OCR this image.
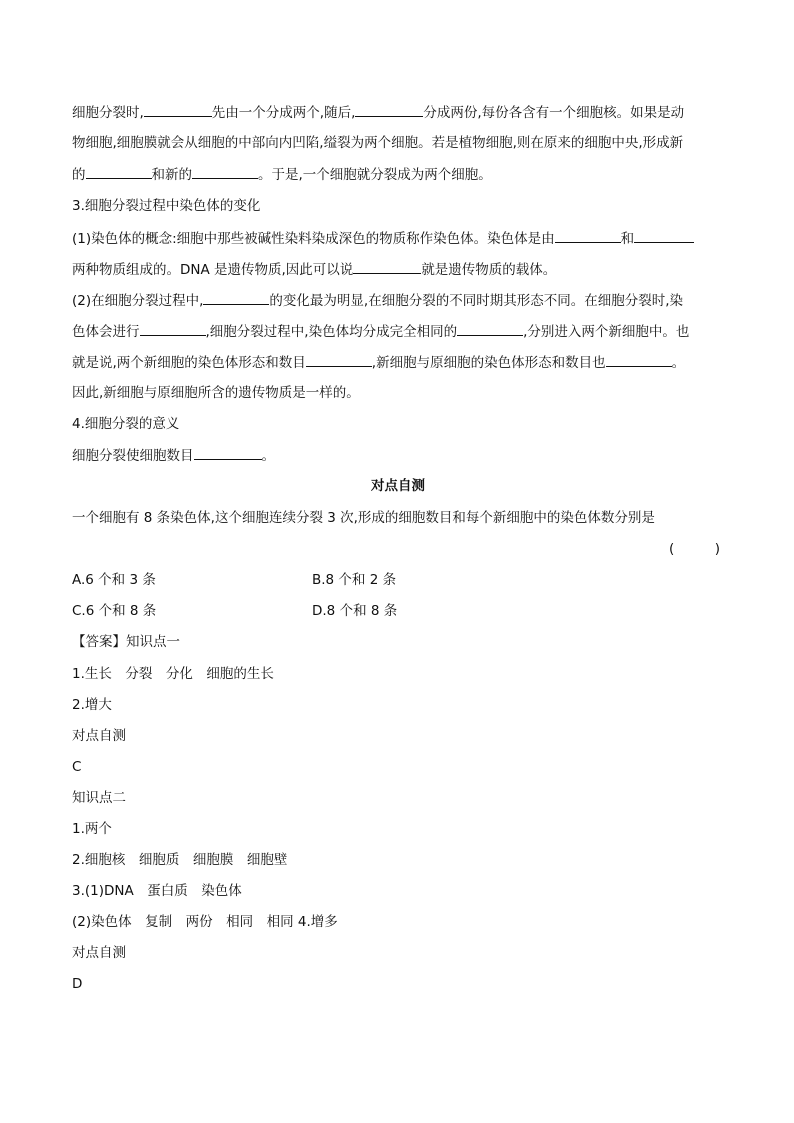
细胞分裂时,	先由一个分成两个,随后,	分成两份,每份各含有一个细胞核。如果是动
物细胞,细胞膜就会从细胞的中部向内凹陷,缢裂为两个细胞。若是植物细胞,则在原来的细胞中央,形成新
的	和新的	。于是,一个细胞就分裂成为两个细胞。
3.细胞分裂过程中染色体的变化
(1)染色体的概念:细胞中那些被碱性染料染成深色的物质称作染色体。染色体是由	和
两种物质组成的。DNA 是遗传物质,因此可以说	就是遗传物质的载体。
(2)在细胞分裂过程中,	的变化最为明显,在细胞分裂的不同时期其形态不同。在细胞分裂时,染
色体会进行	,细胞分裂过程中,染色体均分成完全相同的	,分别进入两个新细胞中。也
就是说,两个新细胞的染色体形态和数目	,新细胞与原细胞的染色体形态和数目也	。
因此,新细胞与原细胞所含的遗传物质是一样的。
4.细胞分裂的意义
细胞分裂使细胞数目	。
对点自测
一个细胞有 8 条染色体,这个细胞连续分裂 3 次,形成的细胞数目和每个新细胞中的染色体数分别是
(　　　)
A.6 个和 3 条	B.8 个和 2 条
C.6 个和 8 条	D.8 个和 8 条
【答案】知识点一
1.生长　分裂　分化　细胞的生长
2.增大
对点自测
C
知识点二
1.两个
2.细胞核　细胞质　细胞膜　细胞壁
3.(1)DNA　蛋白质　染色体
(2)染色体　复制　两份　相同　相同 4.增多
对点自测
D
